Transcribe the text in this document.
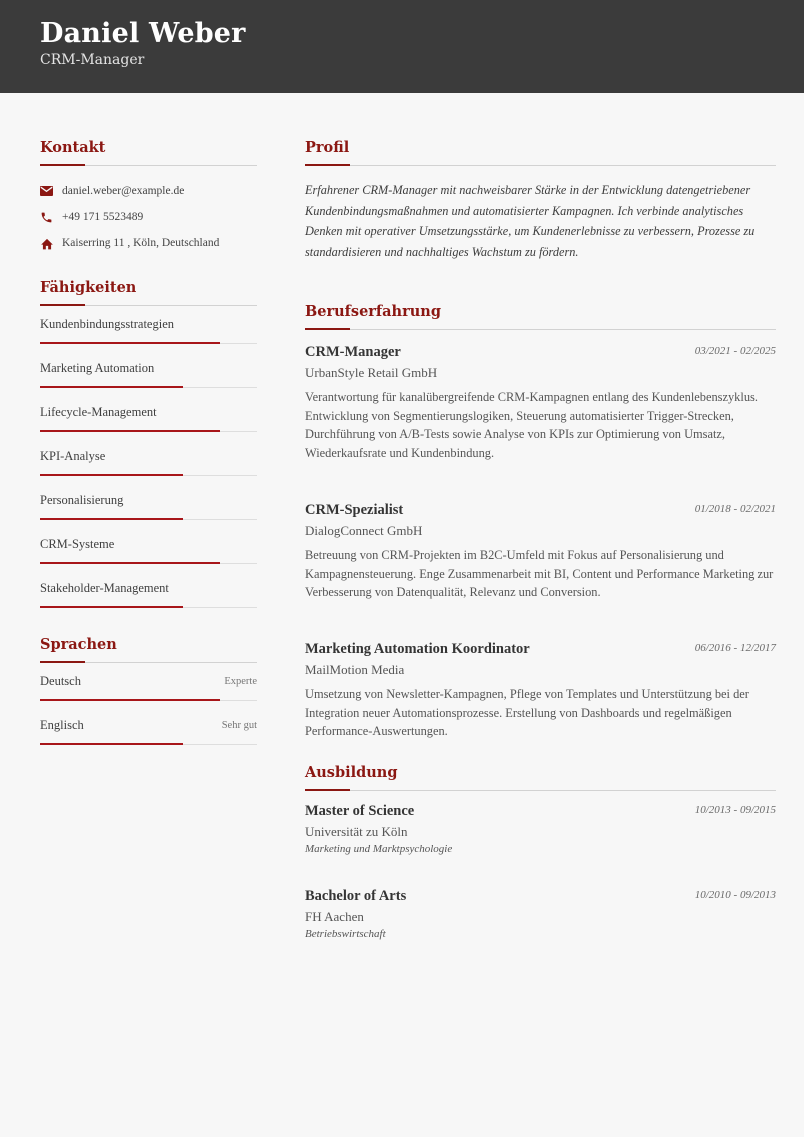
Daniel Weber
CRM-Manager
Kontakt
daniel.weber@example.de
+49 171 5523489
Kaiserring 11 , Köln, Deutschland
Fähigkeiten
Kundenbindungsstrategien
Marketing Automation
Lifecycle-Management
KPI-Analyse
Personalisierung
CRM-Systeme
Stakeholder-Management
Sprachen
Deutsch	Experte
Englisch	Sehr gut
Profil
Erfahrener CRM-Manager mit nachweisbarer Stärke in der Entwicklung datengetriebener Kundenbindungsmaßnahmen und automatisierter Kampagnen. Ich verbinde analytisches Denken mit operativer Umsetzungsstärke, um Kundenerlebnisse zu verbessern, Prozesse zu standardisieren und nachhaltiges Wachstum zu fördern.
Berufserfahrung
CRM-Manager	03/2021 - 02/2025
UrbanStyle Retail GmbH
Verantwortung für kanalübergreifende CRM-Kampagnen entlang des Kundenlebenszyklus. Entwicklung von Segmentierungslogiken, Steuerung automatisierter Trigger-Strecken, Durchführung von A/B-Tests sowie Analyse von KPIs zur Optimierung von Umsatz, Wiederkaufsrate und Kundenbindung.
CRM-Spezialist	01/2018 - 02/2021
DialogConnect GmbH
Betreuung von CRM-Projekten im B2C-Umfeld mit Fokus auf Personalisierung und Kampagnensteuerung. Enge Zusammenarbeit mit BI, Content und Performance Marketing zur Verbesserung von Datenqualität, Relevanz und Conversion.
Marketing Automation Koordinator	06/2016 - 12/2017
MailMotion Media
Umsetzung von Newsletter-Kampagnen, Pflege von Templates und Unterstützung bei der Integration neuer Automationsprozesse. Erstellung von Dashboards und regelmäßigen Performance-Auswertungen.
Ausbildung
Master of Science	10/2013 - 09/2015
Universität zu Köln
Marketing und Marktpsychologie
Bachelor of Arts	10/2010 - 09/2013
FH Aachen
Betriebswirtschaft
